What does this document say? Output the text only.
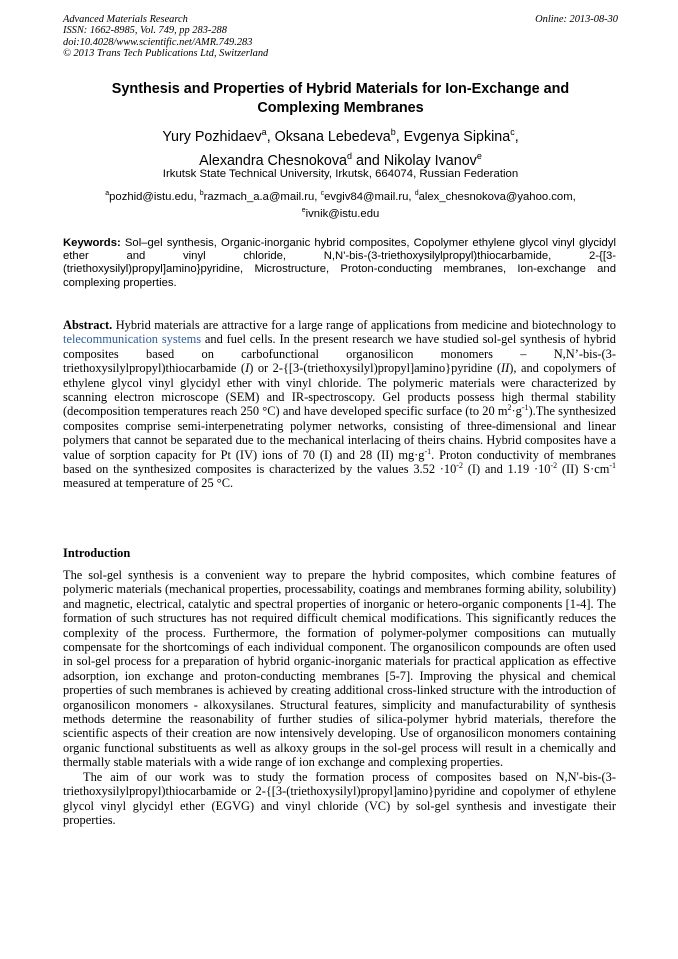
Advanced Materials Research
ISSN: 1662-8985, Vol. 749, pp 283-288
doi:10.4028/www.scientific.net/AMR.749.283
© 2013 Trans Tech Publications Ltd, Switzerland
Online: 2013-08-30
Synthesis and Properties of Hybrid Materials for Ion-Exchange and
Complexing Membranes
Yury Pozhidaev$^a$, Oksana Lebedeva$^b$, Evgenya Sipkina$^c$,
Alexandra Chesnokova$^d$ and Nikolay Ivanov$^e$
Irkutsk State Technical University, Irkutsk, 664074, Russian Federation
$^a$pozhid@istu.edu, $^b$razmach_a.a@mail.ru, $^c$evgiv84@mail.ru, $^d$alex_chesnokova@yahoo.com,
$^e$ivnik@istu.edu
Keywords: Sol–gel synthesis, Organic-inorganic hybrid composites, Copolymer ethylene glycol vinyl glycidyl ether and vinyl chloride, N,N'-bis-(3-triethoxysilylpropyl)thiocarbamide, 2-{[3-(triethoxysilyl)propyl]amino}pyridine, Microstructure, Proton-conducting membranes, Ion-exchange and complexing properties.
Abstract. Hybrid materials are attractive for a large range of applications from medicine and biotechnology to telecommunication systems and fuel cells. In the present research we have studied sol-gel synthesis of hybrid composites based on carbofunctional organosilicon monomers – N,N’-bis-(3-triethoxysilylpropyl)thiocarbamide (I) or 2-{[3-(triethoxysilyl)propyl]amino}pyridine (II), and copolymers of ethylene glycol vinyl glycidyl ether with vinyl chloride. The polymeric materials were characterized by scanning electron microscope (SEM) and IR-spectroscopy. Gel products possess high thermal stability (decomposition temperatures reach 250 °C) and have developed specific surface (to 20 $m^2\cdot g^{-1}).The$ synthesized composites comprise semi-interpenetrating polymer networks, consisting of three-dimensional and linear polymers that cannot be separated due to the mechanical interlacing of theirs chains. Hybrid composites have a value of sorption capacity for Pt (IV) ions of 70 (I) and 28 (II) $mg\cdot g^{-1}$. Proton conductivity of membranes based on the synthesized composites is characterized by the values $3.52 \cdot 10^{-2}$ (I) and $1.19 \cdot 10^{-2}$ (II) $S\cdot cm^{-1}$ measured at temperature of 25 °C.
Introduction

The sol-gel synthesis is a convenient way to prepare the hybrid composites, which combine features of polymeric materials (mechanical properties, processability, coatings and membranes forming ability, solubility) and magnetic, electrical, catalytic and spectral properties of inorganic or hetero-organic components [1-4]. The formation of such structures has not required difficult chemical modifications. This significantly reduces the complexity of the process. Furthermore, the formation of polymer-polymer compositions can mutually compensate for the shortcomings of each individual component. The organosilicon compounds are often used in sol-gel process for a preparation of hybrid organic-inorganic materials for practical application as effective adsorption, ion exchange and proton-conducting membranes [5-7]. Improving the physical and chemical properties of such membranes is achieved by creating additional cross-linked structure with the introduction of organosilicon monomers - alkoxysilanes. Structural features, simplicity and manufacturability of synthesis methods determine the reasonability of further studies of silica-polymer hybrid materials, therefore the scientific aspects of their creation are now intensively developing. Use of organosilicon monomers containing organic functional substituents as well as alkoxy groups in the sol-gel process will result in a chemically and thermally stable materials with a wide range of ion exchange and complexing properties.

The aim of our work was to study the formation process of composites based on N,N'-bis-(3-triethoxysilylpropyl)thiocarbamide or 2-{[3-(triethoxysilyl)propyl]amino}pyridine and copolymer of ethylene glycol vinyl glycidyl ether (EGVG) and vinyl chloride (VC) by sol-gel synthesis and investigate their properties.
